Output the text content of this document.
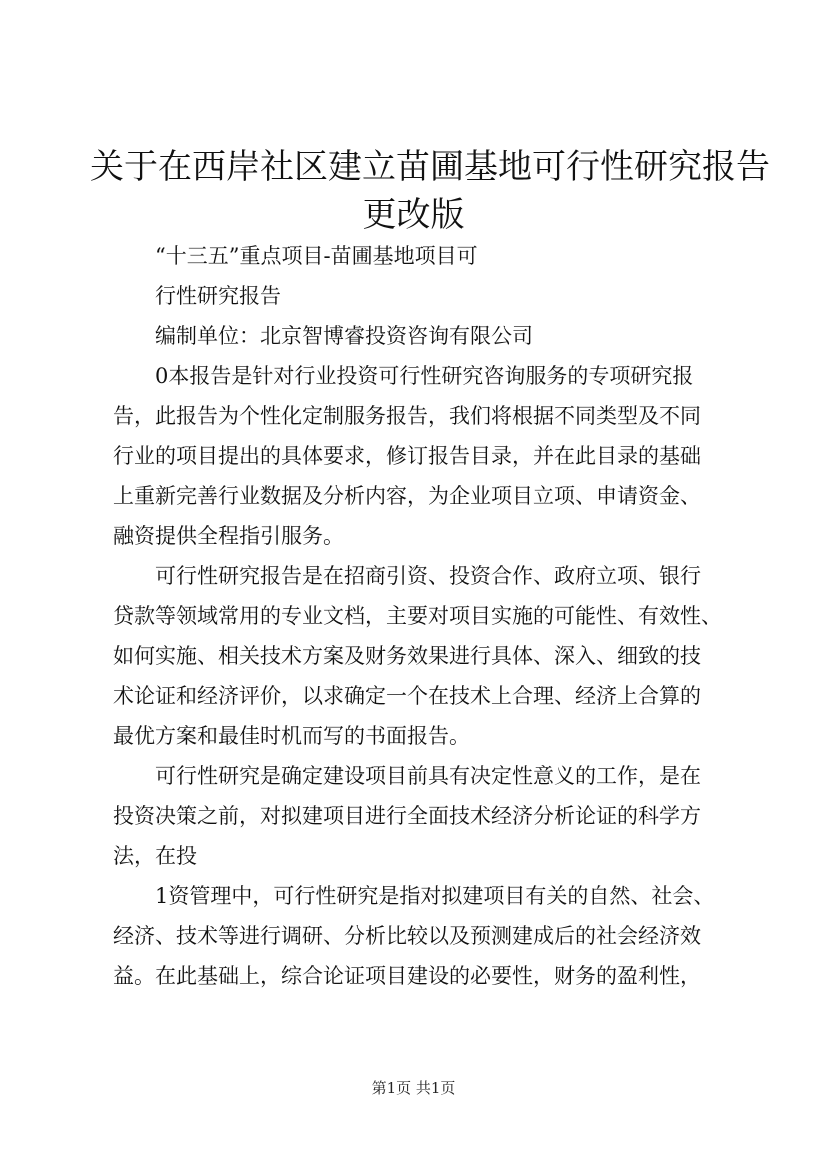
关于在西岸社区建立苗圃基地可行性研究报告
更改版
“十三五”重点项目-苗圃基地项目可
行性研究报告
编制单位：北京智博睿投资咨询有限公司
0本报告是针对行业投资可行性研究咨询服务的专项研究报
告，此报告为个性化定制服务报告，我们将根据不同类型及不同
行业的项目提出的具体要求，修订报告目录，并在此目录的基础
上重新完善行业数据及分析内容，为企业项目立项、申请资金、
融资提供全程指引服务。
可行性研究报告是在招商引资、投资合作、政府立项、银行
贷款等领域常用的专业文档，主要对项目实施的可能性、有效性、
如何实施、相关技术方案及财务效果进行具体、深入、细致的技
术论证和经济评价，以求确定一个在技术上合理、经济上合算的
最优方案和最佳时机而写的书面报告。
可行性研究是确定建设项目前具有决定性意义的工作，是在
投资决策之前，对拟建项目进行全面技术经济分析论证的科学方
法，在投
1资管理中，可行性研究是指对拟建项目有关的自然、社会、
经济、技术等进行调研、分析比较以及预测建成后的社会经济效
益。在此基础上，综合论证项目建设的必要性，财务的盈利性，
第1页 共1页
